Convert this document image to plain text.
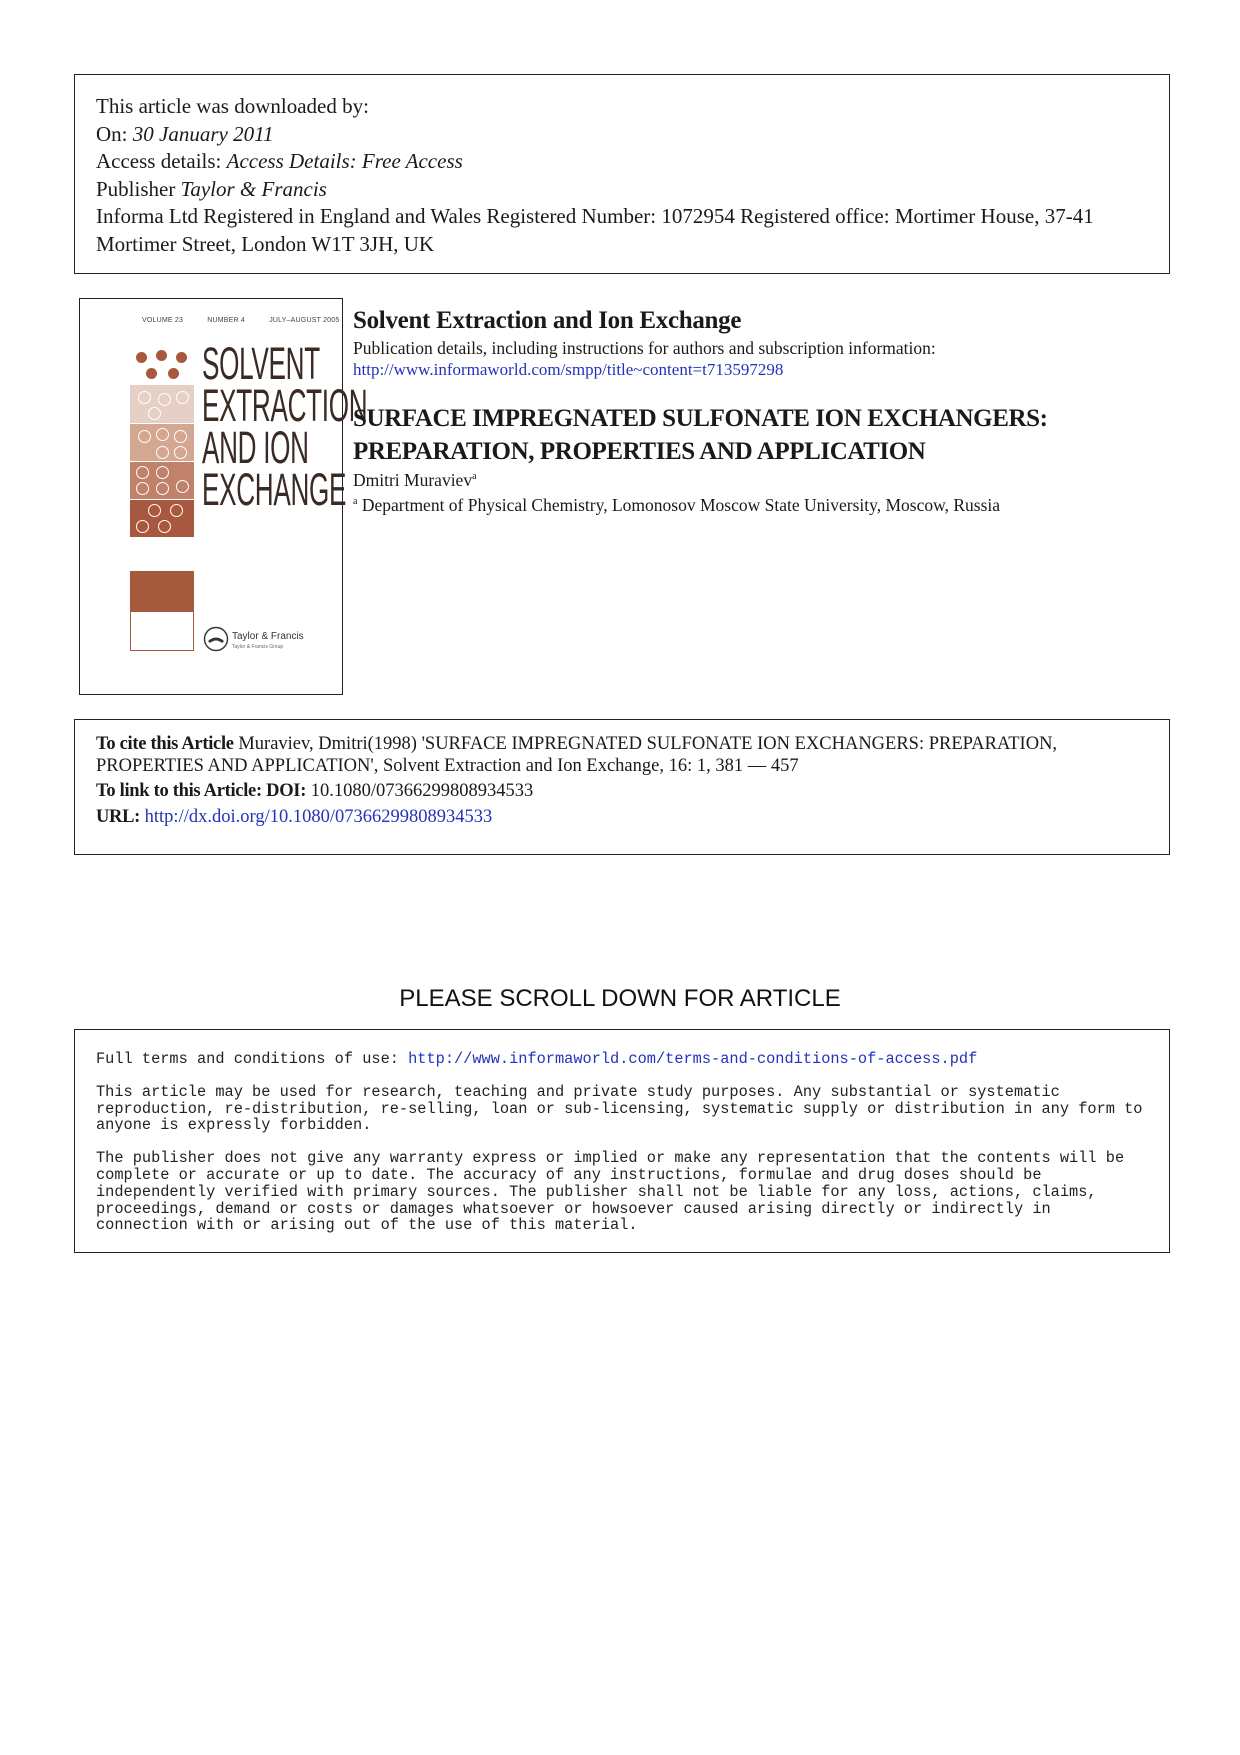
This article was downloaded by:
On: 30 January 2011
Access details: Access Details: Free Access
Publisher Taylor & Francis
Informa Ltd Registered in England and Wales Registered Number: 1072954 Registered office: Mortimer House, 37-41 Mortimer Street, London W1T 3JH, UK
VOLUME 23	NUMBER 4	JULY–AUGUST 2005
SOLVENT
EXTRACTION
AND ION
EXCHANGE
Taylor & Francis
Taylor & Francis Group
Solvent Extraction and Ion Exchange
Publication details, including instructions for authors and subscription information:
http://www.informaworld.com/smpp/title~content=t713597298
SURFACE IMPREGNATED SULFONATE ION EXCHANGERS:
PREPARATION, PROPERTIES AND APPLICATION
Dmitri Muraviev$^a$
$^a$ Department of Physical Chemistry, Lomonosov Moscow State University, Moscow, Russia
To cite this Article Muraviev, Dmitri(1998) 'SURFACE IMPREGNATED SULFONATE ION EXCHANGERS: PREPARATION, PROPERTIES AND APPLICATION', Solvent Extraction and Ion Exchange, 16: 1, 381 — 457
To link to this Article: DOI: 10.1080/07366299808934533
URL: http://dx.doi.org/10.1080/07366299808934533
PLEASE SCROLL DOWN FOR ARTICLE

Full terms and conditions of use: http://www.informaworld.com/terms-and-conditions-of-access.pdf

This article may be used for research, teaching and private study purposes. Any substantial or systematic reproduction, re-distribution, re-selling, loan or sub-licensing, systematic supply or distribution in any form to anyone is expressly forbidden.

The publisher does not give any warranty express or implied or make any representation that the contents will be complete or accurate or up to date. The accuracy of any instructions, formulae and drug doses should be independently verified with primary sources. The publisher shall not be liable for any loss, actions, claims, proceedings, demand or costs or damages whatsoever or howsoever caused arising directly or indirectly in connection with or arising out of the use of this material.
